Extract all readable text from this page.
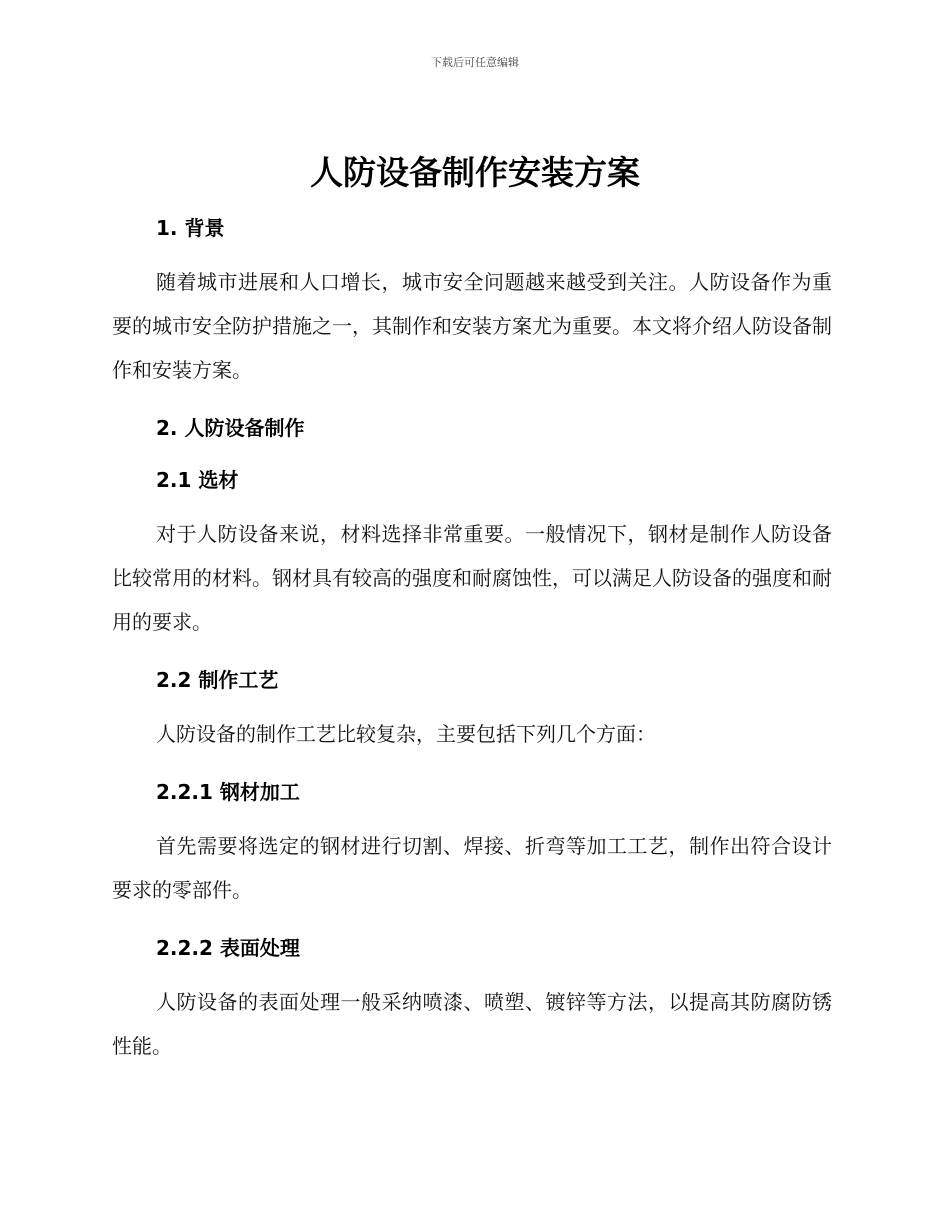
下载后可任意编辑
人防设备制作安装方案
1. 背景

随着城市进展和人口增长，城市安全问题越来越受到关注。人防设备作为重要的城市安全防护措施之一，其制作和安装方案尤为重要。本文将介绍人防设备制作和安装方案。

2. 人防设备制作
2.1 选材

对于人防设备来说，材料选择非常重要。一般情况下，钢材是制作人防设备比较常用的材料。钢材具有较高的强度和耐腐蚀性，可以满足人防设备的强度和耐用的要求。

2.2 制作工艺

人防设备的制作工艺比较复杂，主要包括下列几个方面：

2.2.1 钢材加工

首先需要将选定的钢材进行切割、焊接、折弯等加工工艺，制作出符合设计要求的零部件。

2.2.2 表面处理

人防设备的表面处理一般采纳喷漆、喷塑、镀锌等方法，以提高其防腐防锈性能。
